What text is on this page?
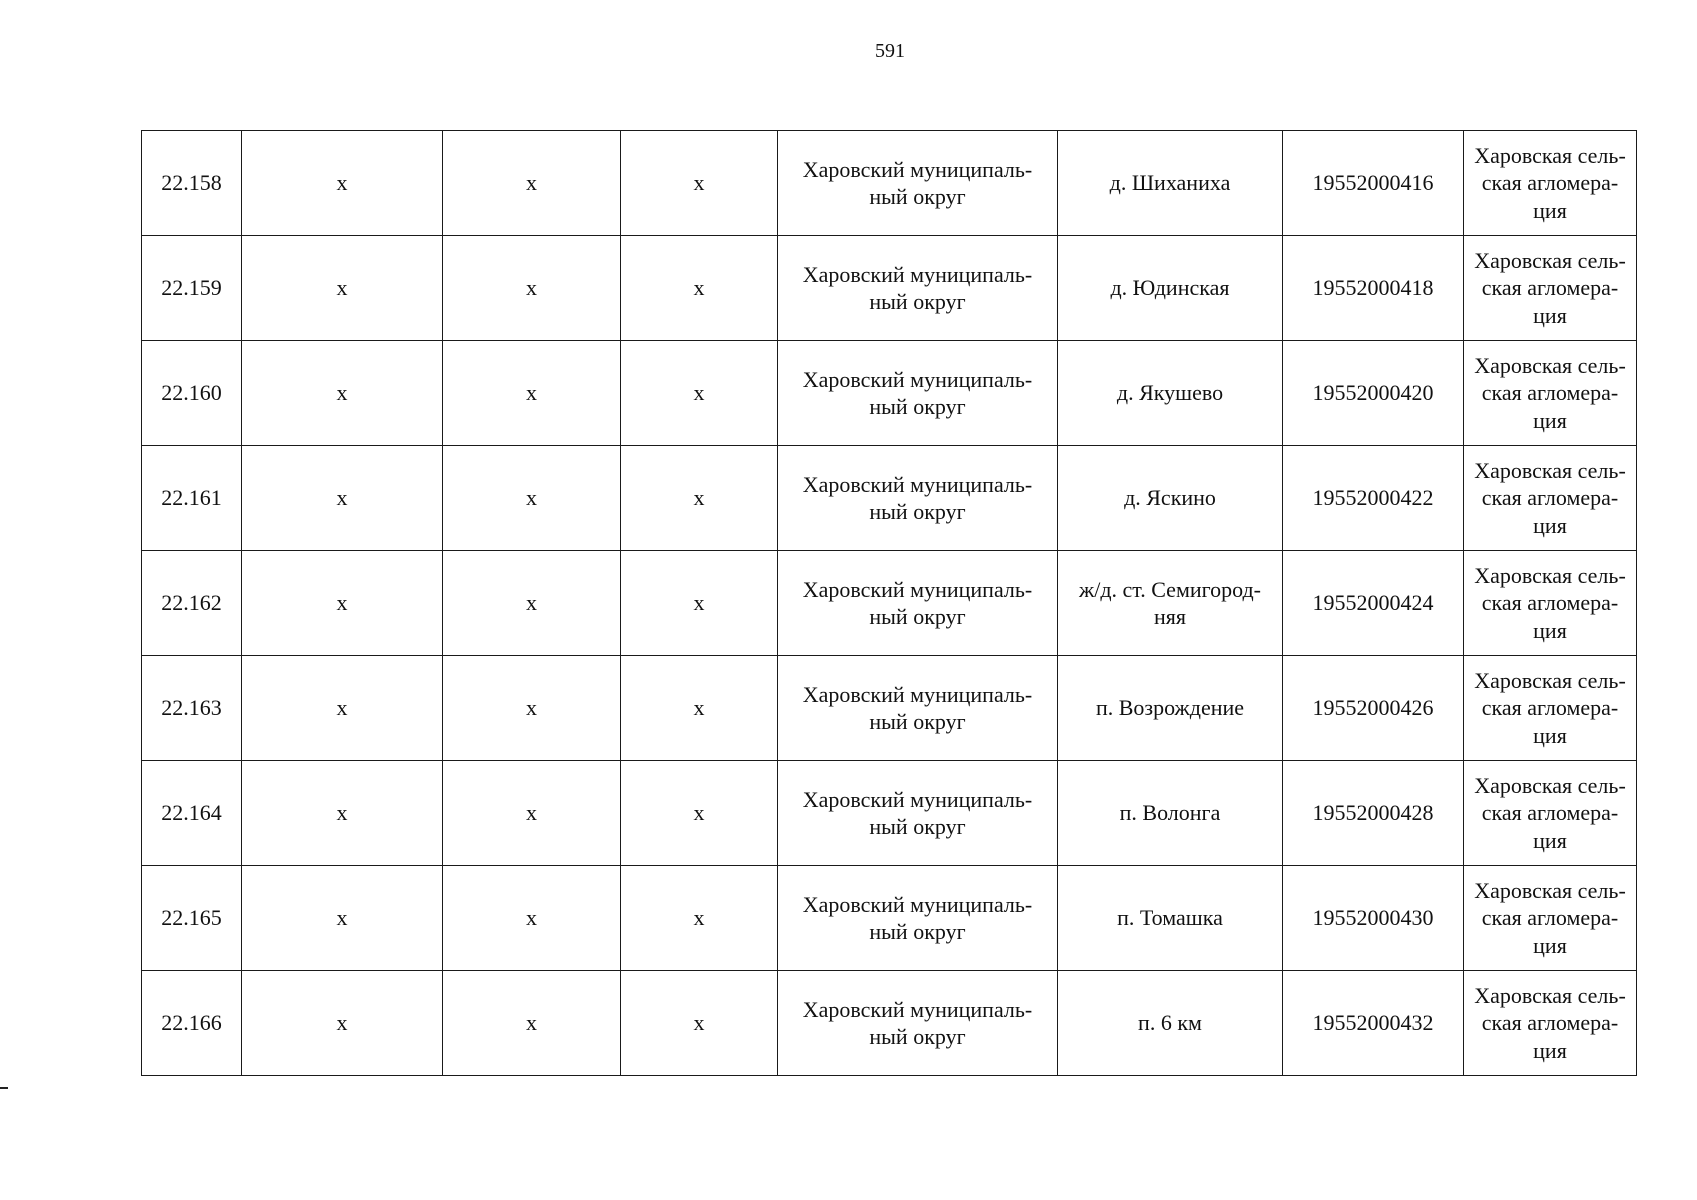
591
22.158	х	х	х	Харовский муниципаль-ный округ	д. Шиханиха	19552000416	Харовская сель-ская агломера-ция
22.159	х	х	х	Харовский муниципаль-ный округ	д. Юдинская	19552000418	Харовская сель-ская агломера-ция
22.160	х	х	х	Харовский муниципаль-ный округ	д. Якушево	19552000420	Харовская сель-ская агломера-ция
22.161	х	х	х	Харовский муниципаль-ный округ	д. Яскино	19552000422	Харовская сель-ская агломера-ция
22.162	х	х	х	Харовский муниципаль-ный округ	ж/д. ст. Семигород-няя	19552000424	Харовская сель-ская агломера-ция
22.163	х	х	х	Харовский муниципаль-ный округ	п. Возрождение	19552000426	Харовская сель-ская агломера-ция
22.164	х	х	х	Харовский муниципаль-ный округ	п. Волонга	19552000428	Харовская сель-ская агломера-ция
22.165	х	х	х	Харовский муниципаль-ный округ	п. Томашка	19552000430	Харовская сель-ская агломера-ция
22.166	х	х	х	Харовский муниципаль-ный округ	п. 6 км	19552000432	Харовская сель-ская агломера-ция
